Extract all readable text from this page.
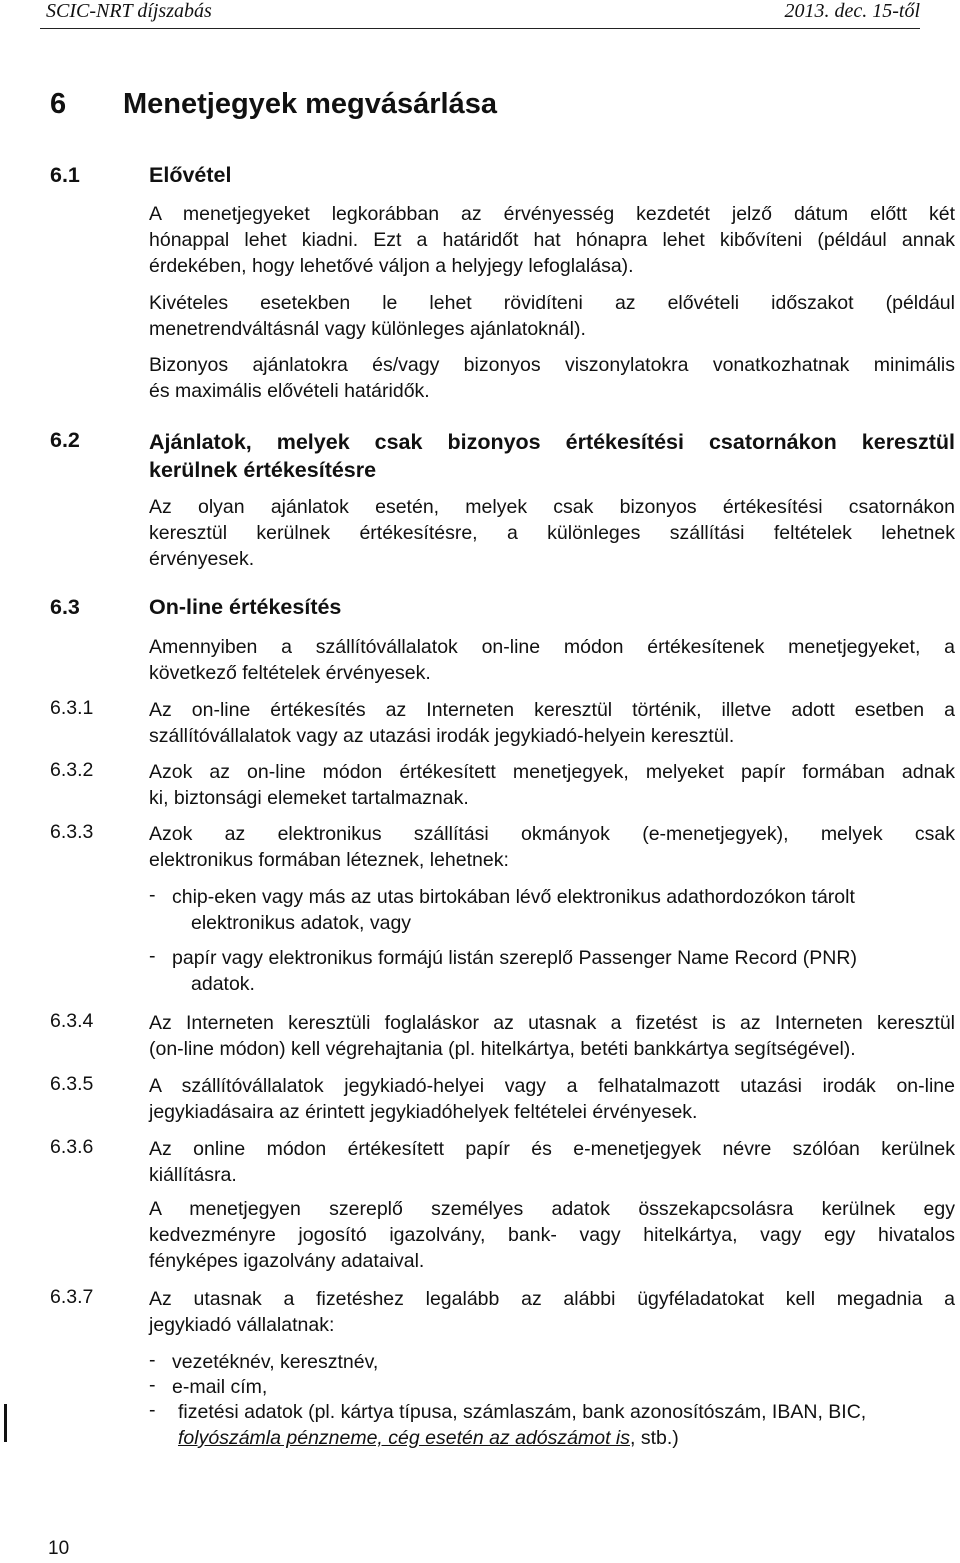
SCIC-NRT díjszabás	2013. dec. 15-től
6 Menetjegyek megvásárlása
6.1	Elővétel
A menetjegyeket legkorábban az érvényesség kezdetét jelző dátum előtt két
hónappal lehet kiadni. Ezt a határidőt hat hónapra lehet kibővíteni (például annak
érdekében, hogy lehetővé váljon a helyjegy lefoglalása).
Kivételes esetekben le lehet rövidíteni az elővételi időszakot (például
menetrendváltásnál vagy különleges ajánlatoknál).
Bizonyos ajánlatokra és/vagy bizonyos viszonylatokra vonatkozhatnak minimális
és maximális elővételi határidők.
6.2	Ajánlatok, melyek csak bizonyos értékesítési csatornákon keresztül
kerülnek értékesítésre
Az olyan ajánlatok esetén, melyek csak bizonyos értékesítési csatornákon
keresztül kerülnek értékesítésre, a különleges szállítási feltételek lehetnek
érvényesek.
6.3	On-line értékesítés
Amennyiben a szállítóvállalatok on-line módon értékesítenek menetjegyeket, a
következő feltételek érvényesek.
6.3.1	Az on-line értékesítés az Interneten keresztül történik, illetve adott esetben a
szállítóvállalatok vagy az utazási irodák jegykiadó-helyein keresztül.
6.3.2	Azok az on-line módon értékesített menetjegyek, melyeket papír formában adnak
ki, biztonsági elemeket tartalmaznak.
6.3.3	Azok az elektronikus szállítási okmányok (e-menetjegyek), melyek csak
elektronikus formában léteznek, lehetnek:
- chip-eken vagy más az utas birtokában lévő elektronikus adathordozókon tárolt
elektronikus adatok, vagy
- papír vagy elektronikus formájú listán szereplő Passenger Name Record (PNR)
adatok.
6.3.4	Az Interneten keresztüli foglaláskor az utasnak a fizetést is az Interneten keresztül
(on-line módon) kell végrehajtania (pl. hitelkártya, betéti bankkártya segítségével).
6.3.5	A szállítóvállalatok jegykiadó-helyei vagy a felhatalmazott utazási irodák on-line
jegykiadásaira az érintett jegykiadóhelyek feltételei érvényesek.
6.3.6	Az online módon értékesített papír és e-menetjegyek névre szólóan kerülnek
kiállításra.
A menetjegyen szereplő személyes adatok összekapcsolásra kerülnek egy
kedvezményre jogosító igazolvány, bank- vagy hitelkártya, vagy egy hivatalos
fényképes igazolvány adataival.
6.3.7	Az utasnak a fizetéshez legalább az alábbi ügyféladatokat kell megadnia a
jegykiadó vállalatnak:
- vezetéknév, keresztnév,
- e-mail cím,
- fizetési adatok (pl. kártya típusa, számlaszám, bank azonosítószám, IBAN, BIC,
folyószámla pénzneme, cég esetén az adószámot is, stb.)
10
